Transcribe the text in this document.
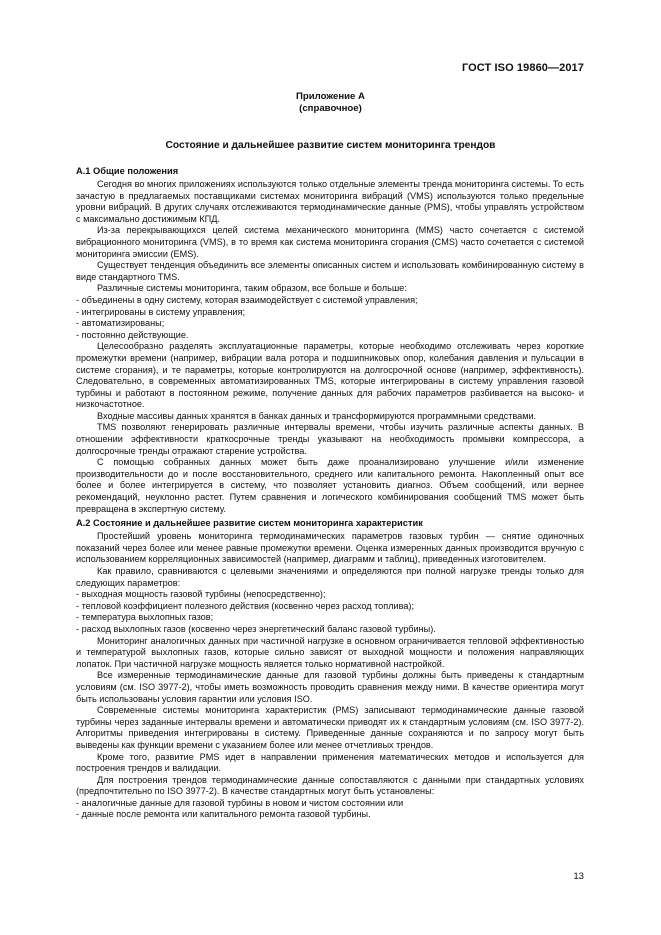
ГОСТ ISO 19860—2017
Приложение А
(справочное)
Состояние и дальнейшее развитие систем мониторинга трендов
А.1 Общие положения

Сегодня во многих приложениях используются только отдельные элементы тренда мониторинга системы. То есть зачастую в предлагаемых поставщиками системах мониторинга вибраций (VMS) используются только предельные уровни вибраций. В других случаях отслеживаются термодинамические данные (PMS), чтобы управлять устройством с максимально достижимым КПД.

Из-за перекрывающихся целей система механического мониторинга (MMS) часто сочетается с системой вибрационного мониторинга (VMS), в то время как система мониторинга сгорания (CMS) часто сочетается с системой мониторинга эмиссии (EMS).

Существует тенденция объединить все элементы описанных систем и использовать комбинированную систему в виде стандартного TMS.

Различные системы мониторинга, таким образом, все больше и больше:

- объединены в одну систему, которая взаимодействует с системой управления;
- интегрированы в систему управления;
- автоматизированы;
- постоянно действующие.

Целесообразно разделять эксплуатационные параметры, которые необходимо отслеживать через короткие промежутки времени (например, вибрации вала ротора и подшипниковых опор, колебания давления и пульсации в системе сгорания), и те параметры, которые контролируются на долгосрочной основе (например, эффективность). Следовательно, в современных автоматизированных TMS, которые интегрированы в систему управления газовой турбины и работают в постоянном режиме, получение данных для рабочих параметров разбивается на высоко- и низкочастотное.

Входные массивы данных хранятся в банках данных и трансформируются программными средствами.

TMS позволяют генерировать различные интервалы времени, чтобы изучить различные аспекты данных. В отношении эффективности краткосрочные тренды указывают на необходимость промывки компрессора, а долгосрочные тренды отражают старение устройства.

С помощью собранных данных может быть даже проанализировано улучшение и/или изменение производительности до и после восстановительного, среднего или капитального ремонта. Накопленный опыт все более и более интегрируется в систему, что позволяет установить диагноз. Объем сообщений, или вернее рекомендаций, неуклонно растет. Путем сравнения и логического комбинирования сообщений TMS может быть превращена в экспертную систему.

А.2 Состояние и дальнейшее развитие систем мониторинга характеристик

Простейший уровень мониторинга термодинамических параметров газовых турбин — снятие одиночных показаний через более или менее равные промежутки времени. Оценка измеренных данных производится вручную с использованием корреляционных зависимостей (например, диаграмм и таблиц), приведенных изготовителем.

Как правило, сравниваются с целевыми значениями и определяются при полной нагрузке тренды только для следующих параметров:

- выходная мощность газовой турбины (непосредственно);
- тепловой коэффициент полезного действия (косвенно через расход топлива);
- температура выхлопных газов;
- расход выхлопных газов (косвенно через энергетический баланс газовой турбины).

Мониторинг аналогичных данных при частичной нагрузке в основном ограничивается тепловой эффективностью и температурой выхлопных газов, которые сильно зависят от выходной мощности и положения направляющих лопаток. При частичной нагрузке мощность является только нормативной настройкой.

Все измеренные термодинамические данные для газовой турбины должны быть приведены к стандартным условиям (см. ISO 3977-2), чтобы иметь возможность проводить сравнения между ними. В качестве ориентира могут быть использованы условия гарантии или условия ISO.

Современные системы мониторинга характеристик (PMS) записывают термодинамические данные газовой турбины через заданные интервалы времени и автоматически приводят их к стандартным условиям (см. ISO 3977-2). Алгоритмы приведения интегрированы в систему. Приведенные данные сохраняются и по запросу могут быть выведены как функции времени с указанием более или менее отчетливых трендов.

Кроме того, развитие PMS идет в направлении применения математических методов и используется для построения трендов и валидации.

Для построения трендов термодинамические данные сопоставляются с данными при стандартных условиях (предпочтительно по ISO 3977-2). В качестве стандартных могут быть установлены:

- аналогичные данные для газовой турбины в новом и чистом состоянии или
- данные после ремонта или капитального ремонта газовой турбины.
13
